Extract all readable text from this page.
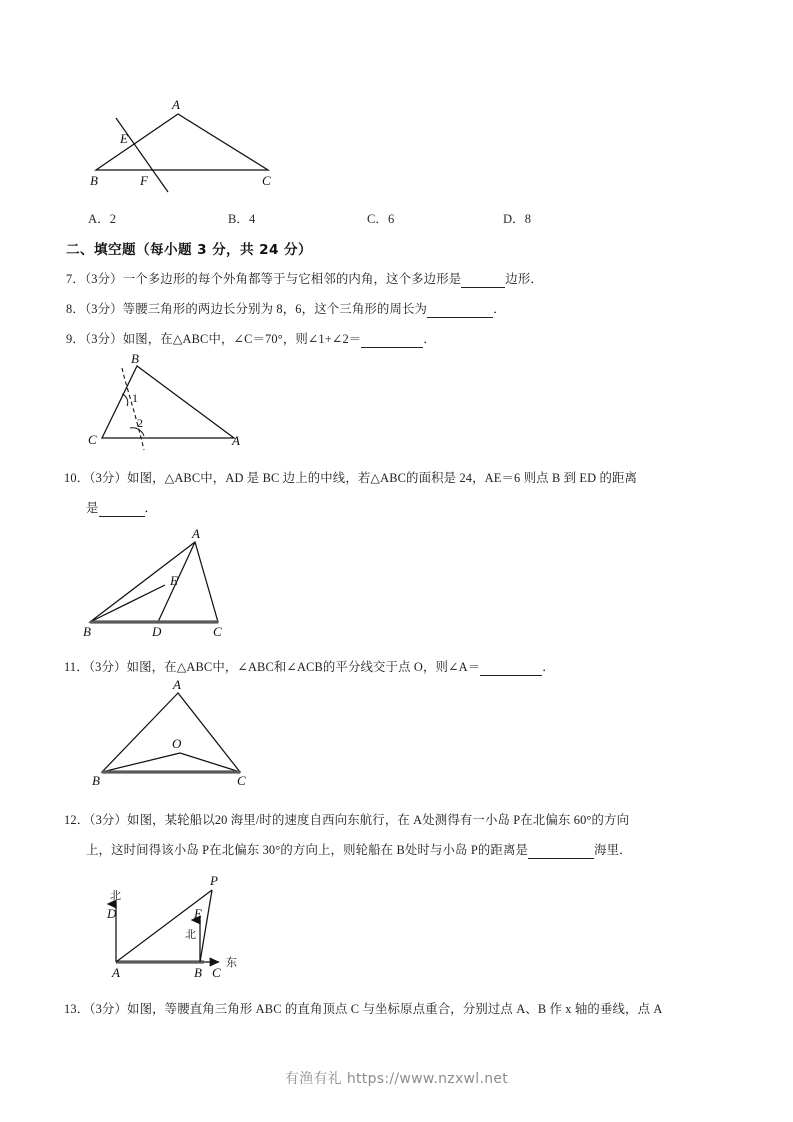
A
B	C
E
F
A．2	B．4	C．6	D．8
二、填空题（每小题 3 分，共 24 分）
7．（3分）一个多边形的每个外角都等于与它相邻的内角，这个多边形是	边形．
8．（3分）等腰三角形的两边长分别为 8，6，这个三角形的周长为	．
9．（3分）如图，在△ABC中，∠C＝70°，则∠1+∠2＝	．
B
C	A
1
2
10．（3分）如图，△ABC中，AD 是 BC 边上的中线，若△ABC的面积是 24，AE＝6 则点 B 到 ED 的距离
是	．
A
B	D	C
E
11．（3分）如图，在△ABC中，∠ABC和∠ACB的平分线交于点 O，则∠A＝	．
A
B	C
O
12．（3分）如图，某轮船以20 海里/时的速度自西向东航行，在 A处测得有一小岛 P在北偏东 60°的方向
上，这时间得该小岛 P在北偏东 30°的方向上，则轮船在 B处时与小岛 P的距离是	海里．
D
北
E
北
P
A	B C
东
13．（3分）如图，等腰直角三角形 ABC 的直角顶点 C 与坐标原点重合，分别过点 A、B 作 x 轴的垂线，点 A
有渔有礼 https://www.nzxwl.net
